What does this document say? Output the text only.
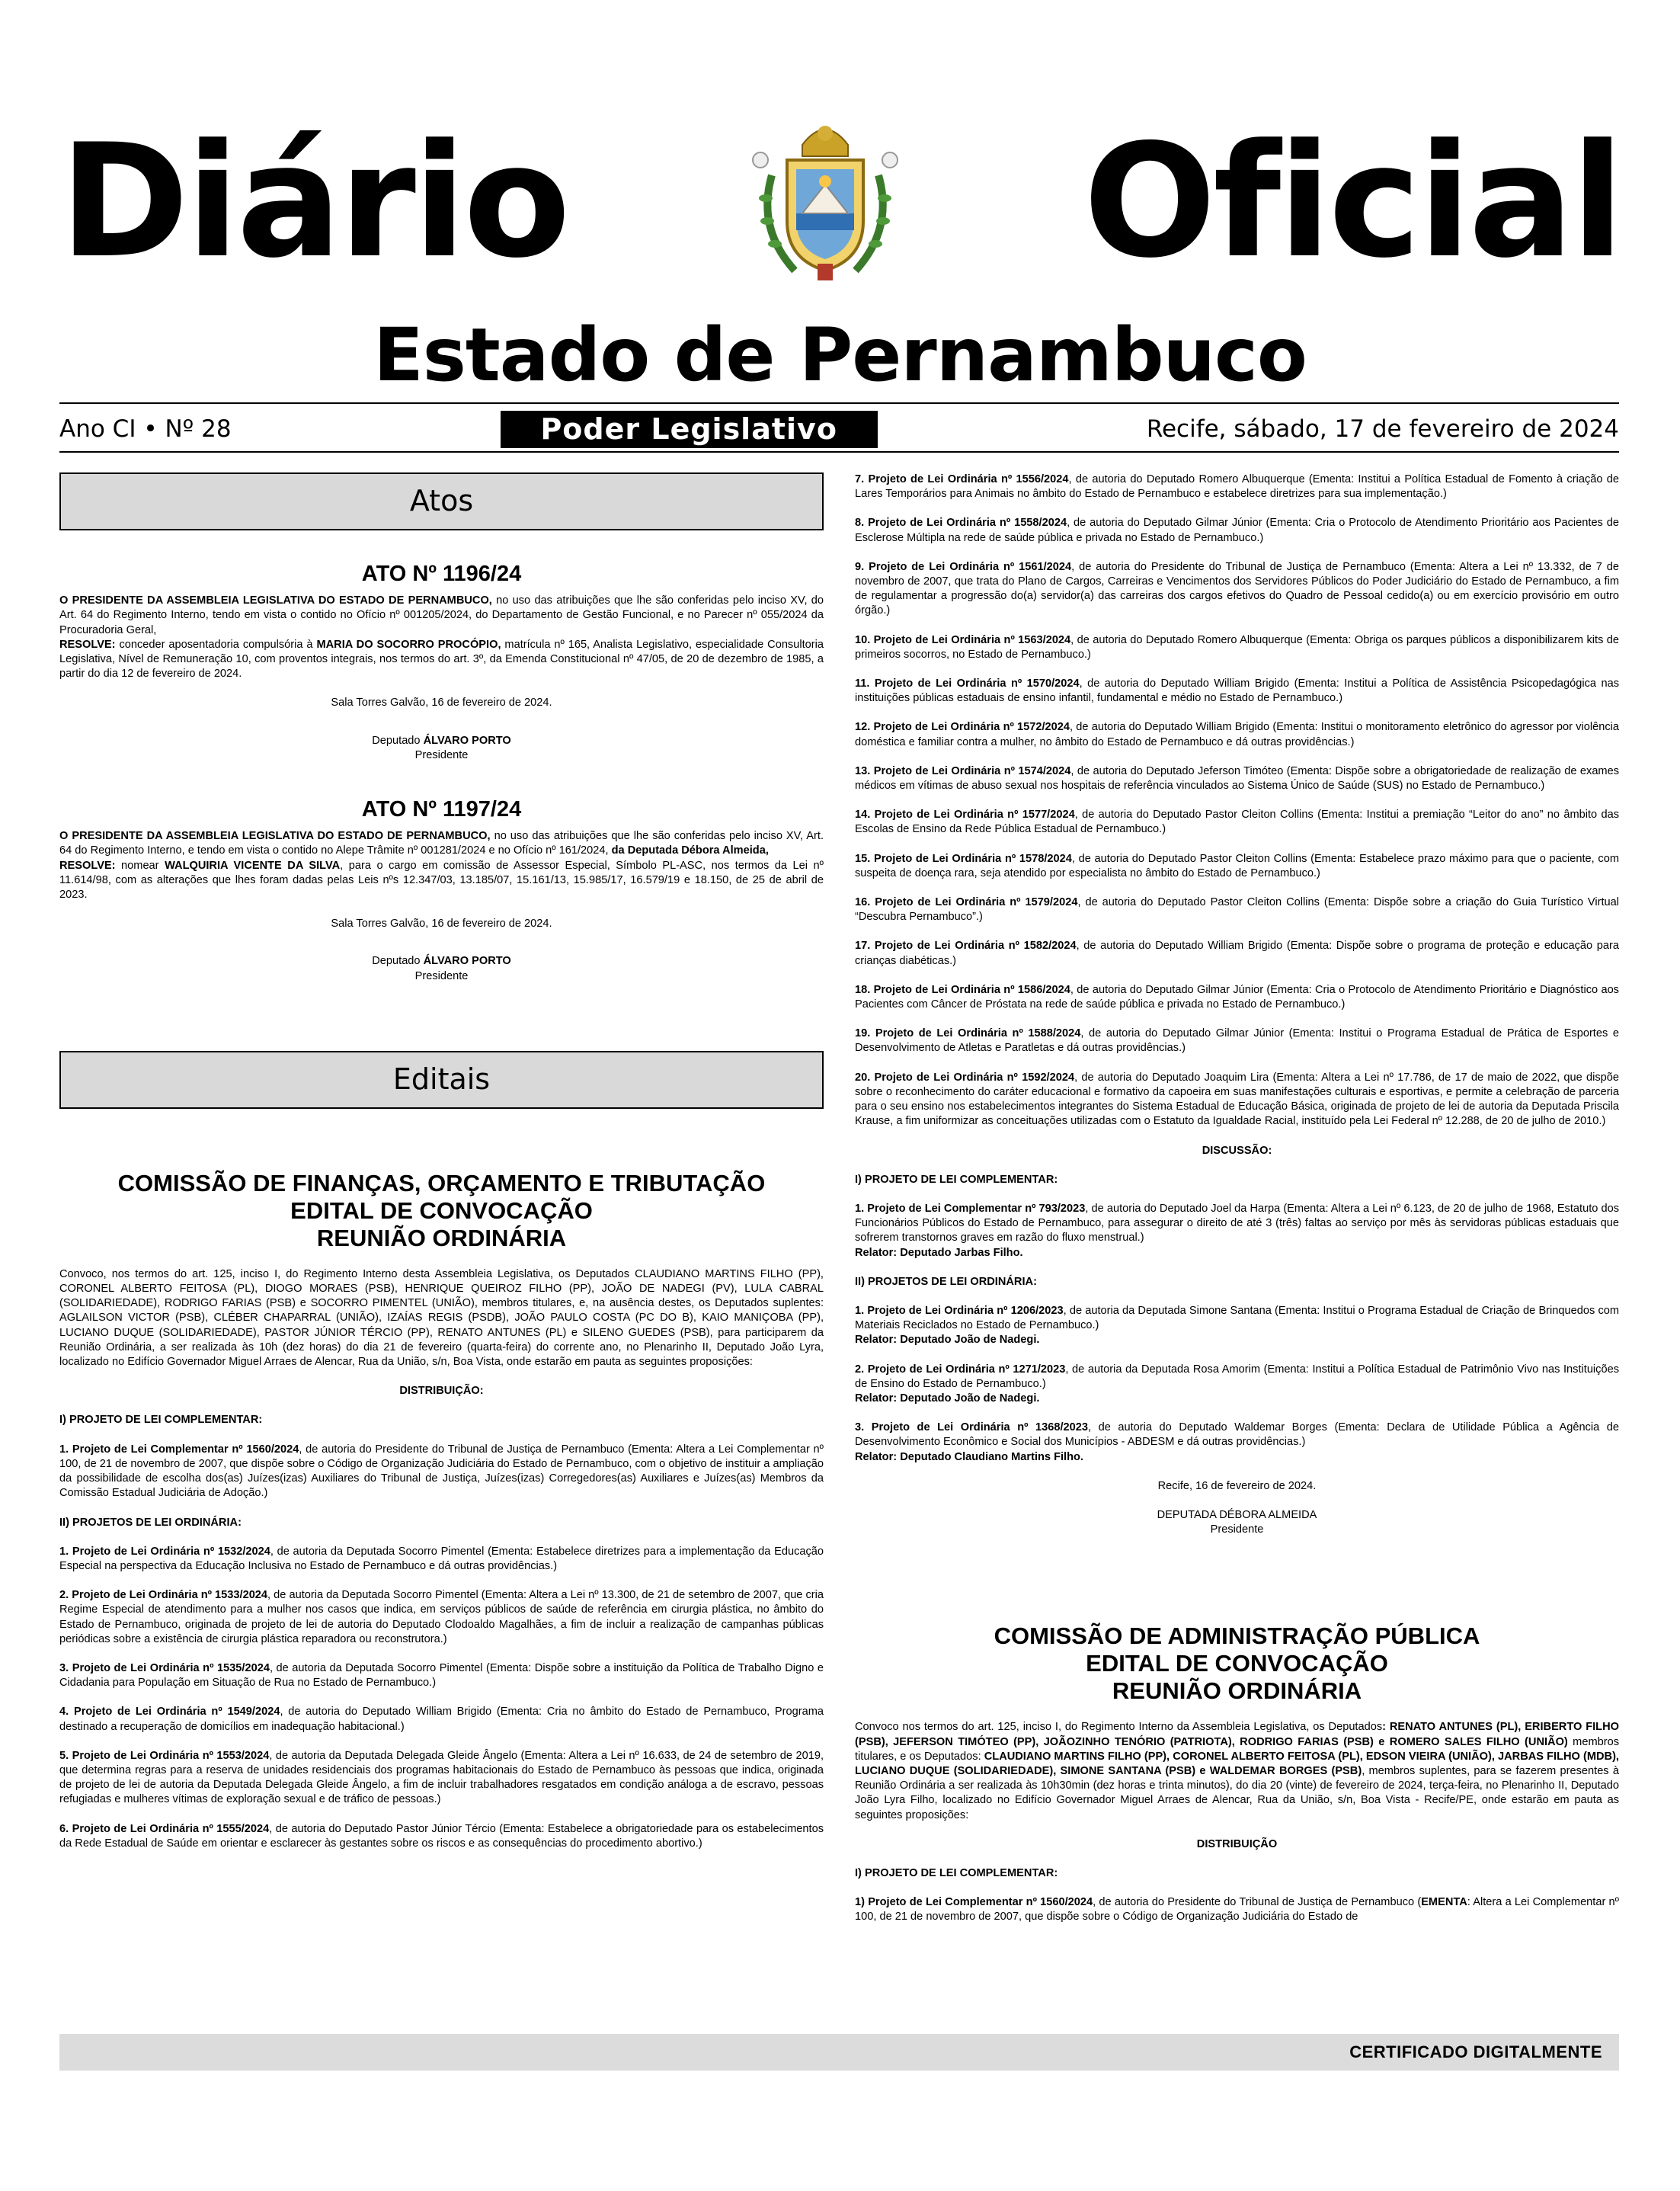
Diário	Oficial
Estado de Pernambuco
Ano CI • Nº 28	Poder Legislativo	Recife, sábado, 17 de fevereiro de 2024
Atos

ATO Nº 1196/24

O PRESIDENTE DA ASSEMBLEIA LEGISLATIVA DO ESTADO DE PERNAMBUCO, no uso das atribuições que lhe são conferidas pelo inciso XV, do Art. 64 do Regimento Interno, tendo em vista o contido no Ofício nº 001205/2024, do Departamento de Gestão Funcional, e no Parecer nº 055/2024 da Procuradoria Geral,

RESOLVE: conceder aposentadoria compulsória à MARIA DO SOCORRO PROCÓPIO, matrícula nº 165, Analista Legislativo, especialidade Consultoria Legislativa, Nível de Remuneração 10, com proventos integrais, nos termos do art. 3º, da Emenda Constitucional nº 47/05, de 20 de dezembro de 1985, a partir do dia 12 de fevereiro de 2024.

Sala Torres Galvão, 16 de fevereiro de 2024.

Deputado ÁLVARO PORTO

Presidente

ATO Nº 1197/24

O PRESIDENTE DA ASSEMBLEIA LEGISLATIVA DO ESTADO DE PERNAMBUCO, no uso das atribuições que lhe são conferidas pelo inciso XV, Art. 64 do Regimento Interno, e tendo em vista o contido no Alepe Trâmite nº 001281/2024 e no Ofício nº 161/2024, da Deputada Débora Almeida,

RESOLVE: nomear WALQUIRIA VICENTE DA SILVA, para o cargo em comissão de Assessor Especial, Símbolo PL-ASC, nos termos da Lei nº 11.614/98, com as alterações que lhes foram dadas pelas Leis nºs 12.347/03, 13.185/07, 15.161/13, 15.985/17, 16.579/19 e 18.150, de 25 de abril de 2023.

Sala Torres Galvão, 16 de fevereiro de 2024.

Deputado ÁLVARO PORTO

Presidente

Editais

COMISSÃO DE FINANÇAS, ORÇAMENTO E TRIBUTAÇÃO

EDITAL DE CONVOCAÇÃO

REUNIÃO ORDINÁRIA

Convoco, nos termos do art. 125, inciso I, do Regimento Interno desta Assembleia Legislativa, os Deputados CLAUDIANO MARTINS FILHO (PP), CORONEL ALBERTO FEITOSA (PL), DIOGO MORAES (PSB), HENRIQUE QUEIROZ FILHO (PP), JOÃO DE NADEGI (PV), LULA CABRAL (SOLIDARIEDADE), RODRIGO FARIAS (PSB) e SOCORRO PIMENTEL (UNIÃO), membros titulares, e, na ausência destes, os Deputados suplentes: AGLAILSON VICTOR (PSB), CLÉBER CHAPARRAL (UNIÃO), IZAÍAS REGIS (PSDB), JOÃO PAULO COSTA (PC DO B), KAIO MANIÇOBA (PP), LUCIANO DUQUE (SOLIDARIEDADE), PASTOR JÚNIOR TÉRCIO (PP), RENATO ANTUNES (PL) e SILENO GUEDES (PSB), para participarem da Reunião Ordinária, a ser realizada às 10h (dez horas) do dia 21 de fevereiro (quarta-feira) do corrente ano, no Plenarinho II, Deputado João Lyra, localizado no Edifício Governador Miguel Arraes de Alencar, Rua da União, s/n, Boa Vista, onde estarão em pauta as seguintes proposições:

DISTRIBUIÇÃO:

I) PROJETO DE LEI COMPLEMENTAR:

1. Projeto de Lei Complementar nº 1560/2024, de autoria do Presidente do Tribunal de Justiça de Pernambuco (Ementa: Altera a Lei Complementar nº 100, de 21 de novembro de 2007, que dispõe sobre o Código de Organização Judiciária do Estado de Pernambuco, com o objetivo de instituir a ampliação da possibilidade de escolha dos(as) Juízes(izas) Auxiliares do Tribunal de Justiça, Juízes(izas) Corregedores(as) Auxiliares e Juízes(as) Membros da Comissão Estadual Judiciária de Adoção.)

II) PROJETOS DE LEI ORDINÁRIA:

1. Projeto de Lei Ordinária nº 1532/2024, de autoria da Deputada Socorro Pimentel (Ementa: Estabelece diretrizes para a implementação da Educação Especial na perspectiva da Educação Inclusiva no Estado de Pernambuco e dá outras providências.)

2. Projeto de Lei Ordinária nº 1533/2024, de autoria da Deputada Socorro Pimentel (Ementa: Altera a Lei nº 13.300, de 21 de setembro de 2007, que cria Regime Especial de atendimento para a mulher nos casos que indica, em serviços públicos de saúde de referência em cirurgia plástica, no âmbito do Estado de Pernambuco, originada de projeto de lei de autoria do Deputado Clodoaldo Magalhães, a fim de incluir a realização de campanhas públicas periódicas sobre a existência de cirurgia plástica reparadora ou reconstrutora.)

3. Projeto de Lei Ordinária nº 1535/2024, de autoria da Deputada Socorro Pimentel (Ementa: Dispõe sobre a instituição da Política de Trabalho Digno e Cidadania para População em Situação de Rua no Estado de Pernambuco.)

4. Projeto de Lei Ordinária nº 1549/2024, de autoria do Deputado William Brigido (Ementa: Cria no âmbito do Estado de Pernambuco, Programa destinado a recuperação de domicílios em inadequação habitacional.)

5. Projeto de Lei Ordinária nº 1553/2024, de autoria da Deputada Delegada Gleide Ângelo (Ementa: Altera a Lei nº 16.633, de 24 de setembro de 2019, que determina regras para a reserva de unidades residenciais dos programas habitacionais do Estado de Pernambuco às pessoas que indica, originada de projeto de lei de autoria da Deputada Delegada Gleide Ângelo, a fim de incluir trabalhadores resgatados em condição análoga a de escravo, pessoas refugiadas e mulheres vítimas de exploração sexual e de tráfico de pessoas.)

6. Projeto de Lei Ordinária nº 1555/2024, de autoria do Deputado Pastor Júnior Tércio (Ementa: Estabelece a obrigatoriedade para os estabelecimentos da Rede Estadual de Saúde em orientar e esclarecer às gestantes sobre os riscos e as consequências do procedimento abortivo.)

7. Projeto de Lei Ordinária nº 1556/2024, de autoria do Deputado Romero Albuquerque (Ementa: Institui a Política Estadual de Fomento à criação de Lares Temporários para Animais no âmbito do Estado de Pernambuco e estabelece diretrizes para sua implementação.)

8. Projeto de Lei Ordinária nº 1558/2024, de autoria do Deputado Gilmar Júnior (Ementa: Cria o Protocolo de Atendimento Prioritário aos Pacientes de Esclerose Múltipla na rede de saúde pública e privada no Estado de Pernambuco.)

9. Projeto de Lei Ordinária nº 1561/2024, de autoria do Presidente do Tribunal de Justiça de Pernambuco (Ementa: Altera a Lei nº 13.332, de 7 de novembro de 2007, que trata do Plano de Cargos, Carreiras e Vencimentos dos Servidores Públicos do Poder Judiciário do Estado de Pernambuco, a fim de regulamentar a progressão do(a) servidor(a) das carreiras dos cargos efetivos do Quadro de Pessoal cedido(a) ou em exercício provisório em outro órgão.)

10. Projeto de Lei Ordinária nº 1563/2024, de autoria do Deputado Romero Albuquerque (Ementa: Obriga os parques públicos a disponibilizarem kits de primeiros socorros, no Estado de Pernambuco.)

11. Projeto de Lei Ordinária nº 1570/2024, de autoria do Deputado William Brigido (Ementa: Institui a Política de Assistência Psicopedagógica nas instituições públicas estaduais de ensino infantil, fundamental e médio no Estado de Pernambuco.)

12. Projeto de Lei Ordinária nº 1572/2024, de autoria do Deputado William Brigido (Ementa: Institui o monitoramento eletrônico do agressor por violência doméstica e familiar contra a mulher, no âmbito do Estado de Pernambuco e dá outras providências.)

13. Projeto de Lei Ordinária nº 1574/2024, de autoria do Deputado Jeferson Timóteo (Ementa: Dispõe sobre a obrigatoriedade de realização de exames médicos em vítimas de abuso sexual nos hospitais de referência vinculados ao Sistema Único de Saúde (SUS) no Estado de Pernambuco.)

14. Projeto de Lei Ordinária nº 1577/2024, de autoria do Deputado Pastor Cleiton Collins (Ementa: Institui a premiação “Leitor do ano” no âmbito das Escolas de Ensino da Rede Pública Estadual de Pernambuco.)

15. Projeto de Lei Ordinária nº 1578/2024, de autoria do Deputado Pastor Cleiton Collins (Ementa: Estabelece prazo máximo para que o paciente, com suspeita de doença rara, seja atendido por especialista no âmbito do Estado de Pernambuco.)

16. Projeto de Lei Ordinária nº 1579/2024, de autoria do Deputado Pastor Cleiton Collins (Ementa: Dispõe sobre a criação do Guia Turístico Virtual “Descubra Pernambuco”.)

17. Projeto de Lei Ordinária nº 1582/2024, de autoria do Deputado William Brigido (Ementa: Dispõe sobre o programa de proteção e educação para crianças diabéticas.)

18. Projeto de Lei Ordinária nº 1586/2024, de autoria do Deputado Gilmar Júnior (Ementa: Cria o Protocolo de Atendimento Prioritário e Diagnóstico aos Pacientes com Câncer de Próstata na rede de saúde pública e privada no Estado de Pernambuco.)

19. Projeto de Lei Ordinária nº 1588/2024, de autoria do Deputado Gilmar Júnior (Ementa: Institui o Programa Estadual de Prática de Esportes e Desenvolvimento de Atletas e Paratletas e dá outras providências.)

20. Projeto de Lei Ordinária nº 1592/2024, de autoria do Deputado Joaquim Lira (Ementa: Altera a Lei nº 17.786, de 17 de maio de 2022, que dispõe sobre o reconhecimento do caráter educacional e formativo da capoeira em suas manifestações culturais e esportivas, e permite a celebração de parceria para o seu ensino nos estabelecimentos integrantes do Sistema Estadual de Educação Básica, originada de projeto de lei de autoria da Deputada Priscila Krause, a fim uniformizar as conceituações utilizadas com o Estatuto da Igualdade Racial, instituído pela Lei Federal nº 12.288, de 20 de julho de 2010.)

DISCUSSÃO:

I) PROJETO DE LEI COMPLEMENTAR:

1. Projeto de Lei Complementar nº 793/2023, de autoria do Deputado Joel da Harpa (Ementa: Altera a Lei nº 6.123, de 20 de julho de 1968, Estatuto dos Funcionários Públicos do Estado de Pernambuco, para assegurar o direito de até 3 (três) faltas ao serviço por mês às servidoras públicas estaduais que sofrerem transtornos graves em razão do fluxo menstrual.)
Relator: Deputado Jarbas Filho.

II) PROJETOS DE LEI ORDINÁRIA:

1. Projeto de Lei Ordinária nº 1206/2023, de autoria da Deputada Simone Santana (Ementa: Institui o Programa Estadual de Criação de Brinquedos com Materiais Reciclados no Estado de Pernambuco.)
Relator: Deputado João de Nadegi.

2. Projeto de Lei Ordinária nº 1271/2023, de autoria da Deputada Rosa Amorim (Ementa: Institui a Política Estadual de Patrimônio Vivo nas Instituições de Ensino do Estado de Pernambuco.)
Relator: Deputado João de Nadegi.

3. Projeto de Lei Ordinária nº 1368/2023, de autoria do Deputado Waldemar Borges (Ementa: Declara de Utilidade Pública a Agência de Desenvolvimento Econômico e Social dos Municípios - ABDESM e dá outras providências.)
Relator: Deputado Claudiano Martins Filho.

Recife, 16 de fevereiro de 2024.

DEPUTADA DÉBORA ALMEIDA

Presidente

COMISSÃO DE ADMINISTRAÇÃO PÚBLICA

EDITAL DE CONVOCAÇÃO

REUNIÃO ORDINÁRIA

Convoco nos termos do art. 125, inciso I, do Regimento Interno da Assembleia Legislativa, os Deputados: RENATO ANTUNES (PL), ERIBERTO FILHO (PSB), JEFERSON TIMÓTEO (PP), JOÃOZINHO TENÓRIO (PATRIOTA), RODRIGO FARIAS (PSB) e ROMERO SALES FILHO (UNIÃO) membros titulares, e os Deputados: CLAUDIANO MARTINS FILHO (PP), CORONEL ALBERTO FEITOSA (PL), EDSON VIEIRA (UNIÃO), JARBAS FILHO (MDB), LUCIANO DUQUE (SOLIDARIEDADE), SIMONE SANTANA (PSB) e WALDEMAR BORGES (PSB), membros suplentes, para se fazerem presentes à Reunião Ordinária a ser realizada às 10h30min (dez horas e trinta minutos), do dia 20 (vinte) de fevereiro de 2024, terça-feira, no Plenarinho II, Deputado João Lyra Filho, localizado no Edifício Governador Miguel Arraes de Alencar, Rua da União, s/n, Boa Vista - Recife/PE, onde estarão em pauta as seguintes proposições:

DISTRIBUIÇÃO

I) PROJETO DE LEI COMPLEMENTAR:

1) Projeto de Lei Complementar nº 1560/2024, de autoria do Presidente do Tribunal de Justiça de Pernambuco (EMENTA: Altera a Lei Complementar nº 100, de 21 de novembro de 2007, que dispõe sobre o Código de Organização Judiciária do Estado de

CERTIFICADO DIGITALMENTE
